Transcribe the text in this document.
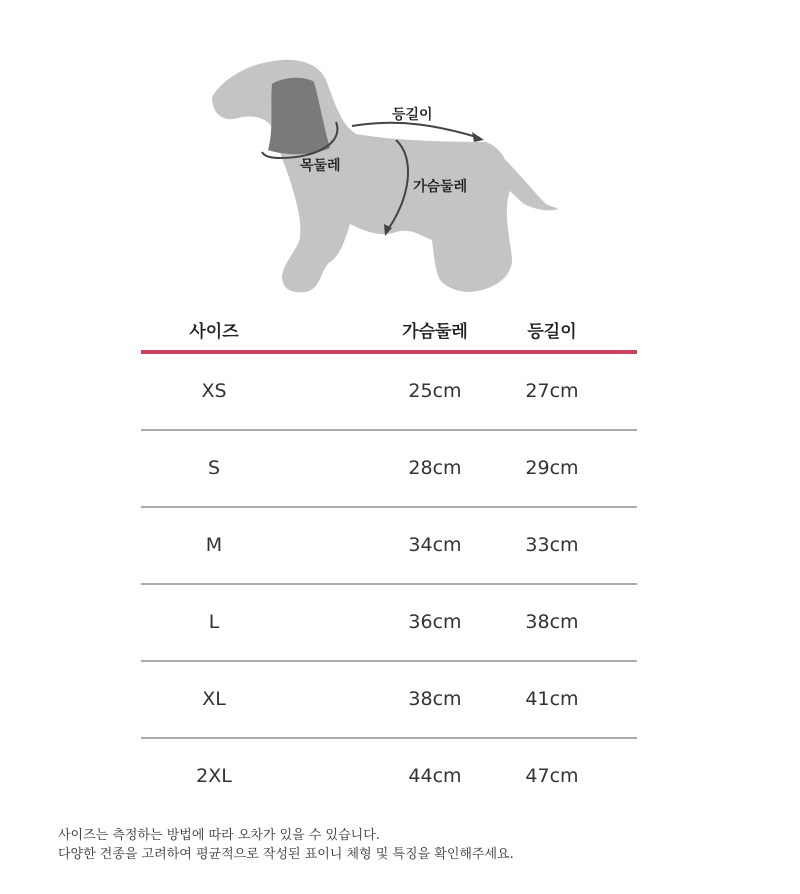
등길이
목둘레
가슴둘레
사이즈	가슴둘레	등길이
XS	25cm	27cm
S	28cm	29cm
M	34cm	33cm
L	36cm	38cm
XL	38cm	41cm
2XL	44cm	47cm
사이즈는 측정하는 방법에 따라 오차가 있을 수 있습니다.
다양한 견종을 고려하여 평균적으로 작성된 표이니 체형 및 특징을 확인해주세요.
